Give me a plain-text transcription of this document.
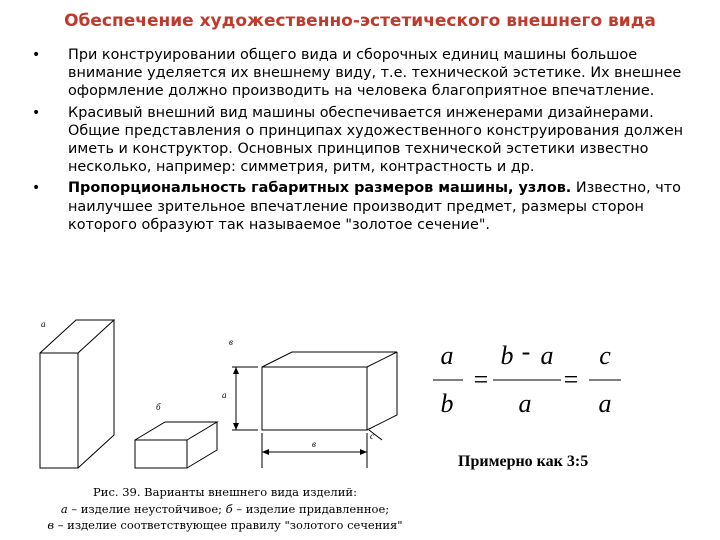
Обеспечение художественно-эстетического внешнего вида
• При конструировании общего вида и сборочных единиц машины большое внимание уделяется их внешнему виду, т.е. технической эстетике. Их внешнее оформление должно производить на человека благоприятное впечатление.
• Красивый внешний вид машины обеспечивается инженерами дизайнерами. Общие представления о принципах художественного конструирования должен иметь и конструктор. Основных принципов технической эстетики известно несколько, например: симметрия, ритм, контрастность и др.
• Пропорциональность габаритных размеров машины, узлов. Известно, что наилучшее зрительное впечатление производит предмет, размеры сторон которого образуют так называемое "золотое сечение".
а
б
в
а
в
с
Рис. 39. Варианты внешнего вида изделий:
а – изделие неустойчивое; б – изделие придавленное;
в – изделие соответствующее правилу "золотого сечения"
a
b
b a
a
c
a
-
=	=
Примерно как 3:5
